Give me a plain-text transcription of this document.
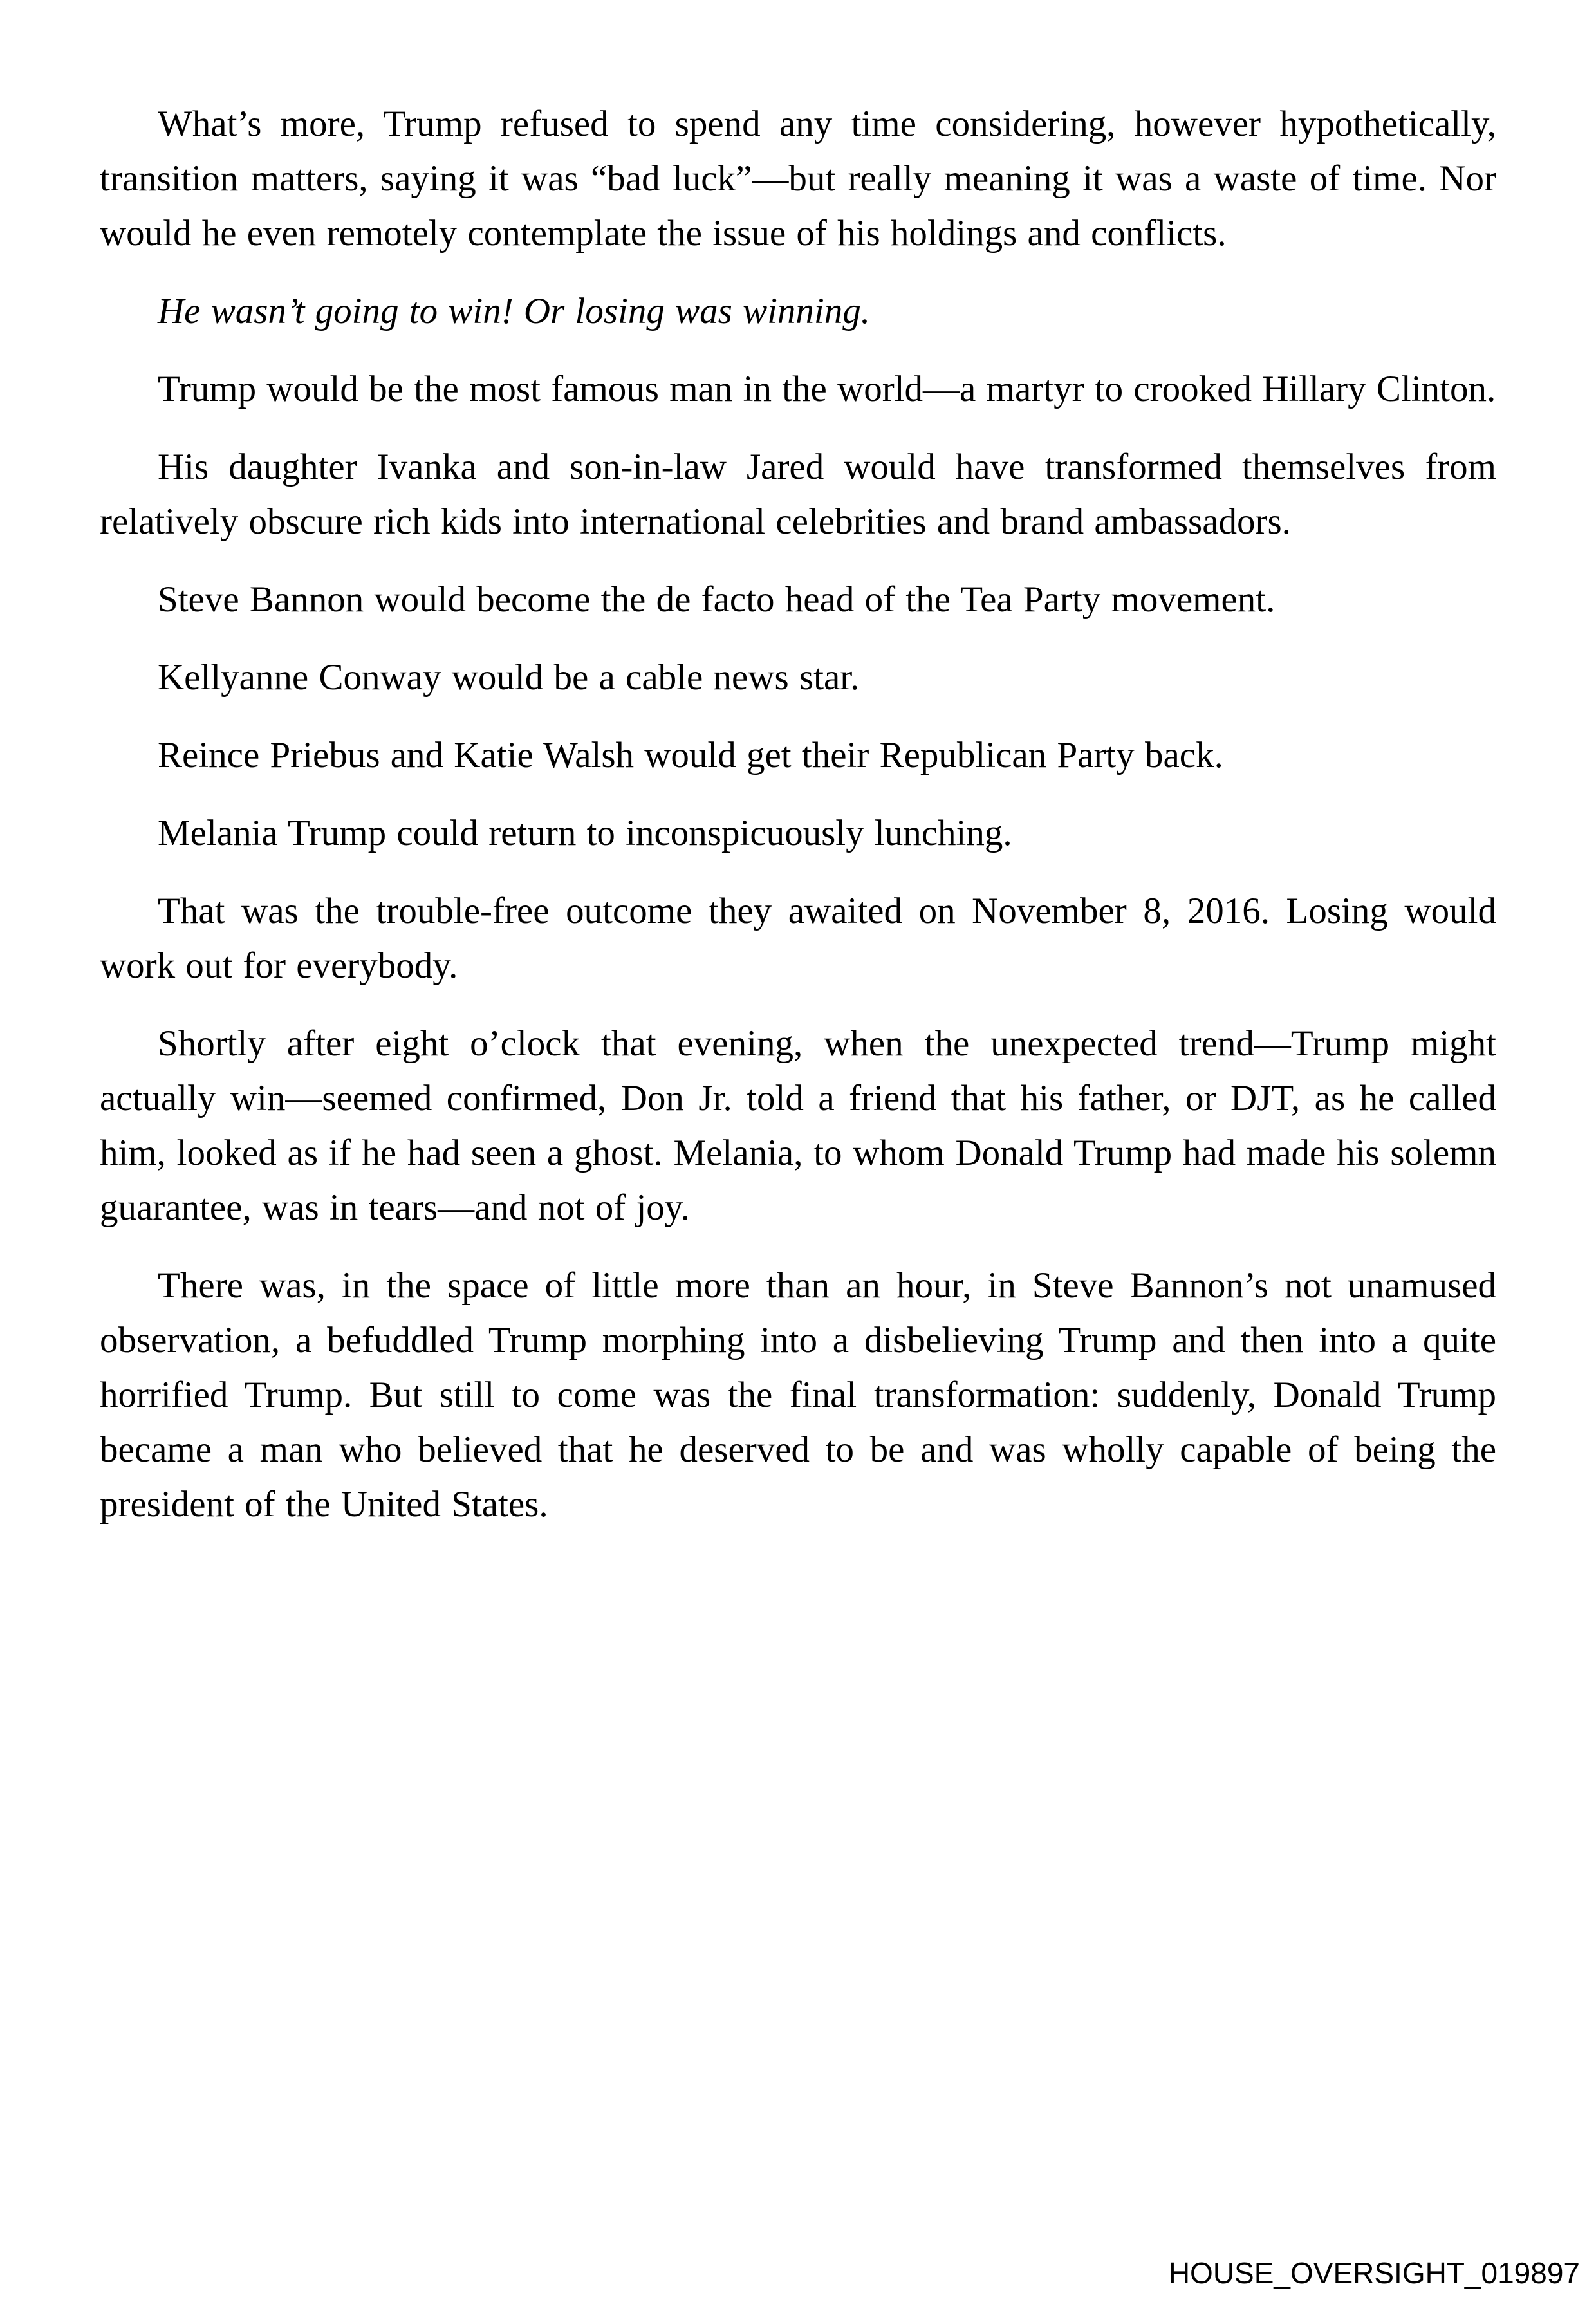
What’s more, Trump refused to spend any time considering, however hypothetically, transition matters, saying it was “bad luck”—but really meaning it was a waste of time. Nor would he even remotely contemplate the issue of his holdings and conflicts.

He wasn’t going to win! Or losing was winning.

Trump would be the most famous man in the world—a martyr to crooked Hillary Clinton.

His daughter Ivanka and son-in-law Jared would have transformed themselves from relatively obscure rich kids into international celebrities and brand ambassadors.

Steve Bannon would become the de facto head of the Tea Party movement.

Kellyanne Conway would be a cable news star.

Reince Priebus and Katie Walsh would get their Republican Party back.

Melania Trump could return to inconspicuously lunching.

That was the trouble-free outcome they awaited on November 8, 2016. Losing would work out for everybody.

Shortly after eight o’clock that evening, when the unexpected trend—Trump might actually win—seemed confirmed, Don Jr. told a friend that his father, or DJT, as he called him, looked as if he had seen a ghost. Melania, to whom Donald Trump had made his solemn guarantee, was in tears—and not of joy.

There was, in the space of little more than an hour, in Steve Bannon’s not unamused observation, a befuddled Trump morphing into a disbelieving Trump and then into a quite horrified Trump. But still to come was the final transformation: suddenly, Donald Trump became a man who believed that he deserved to be and was wholly capable of being the president of the United States.

HOUSE_OVERSIGHT_019897
